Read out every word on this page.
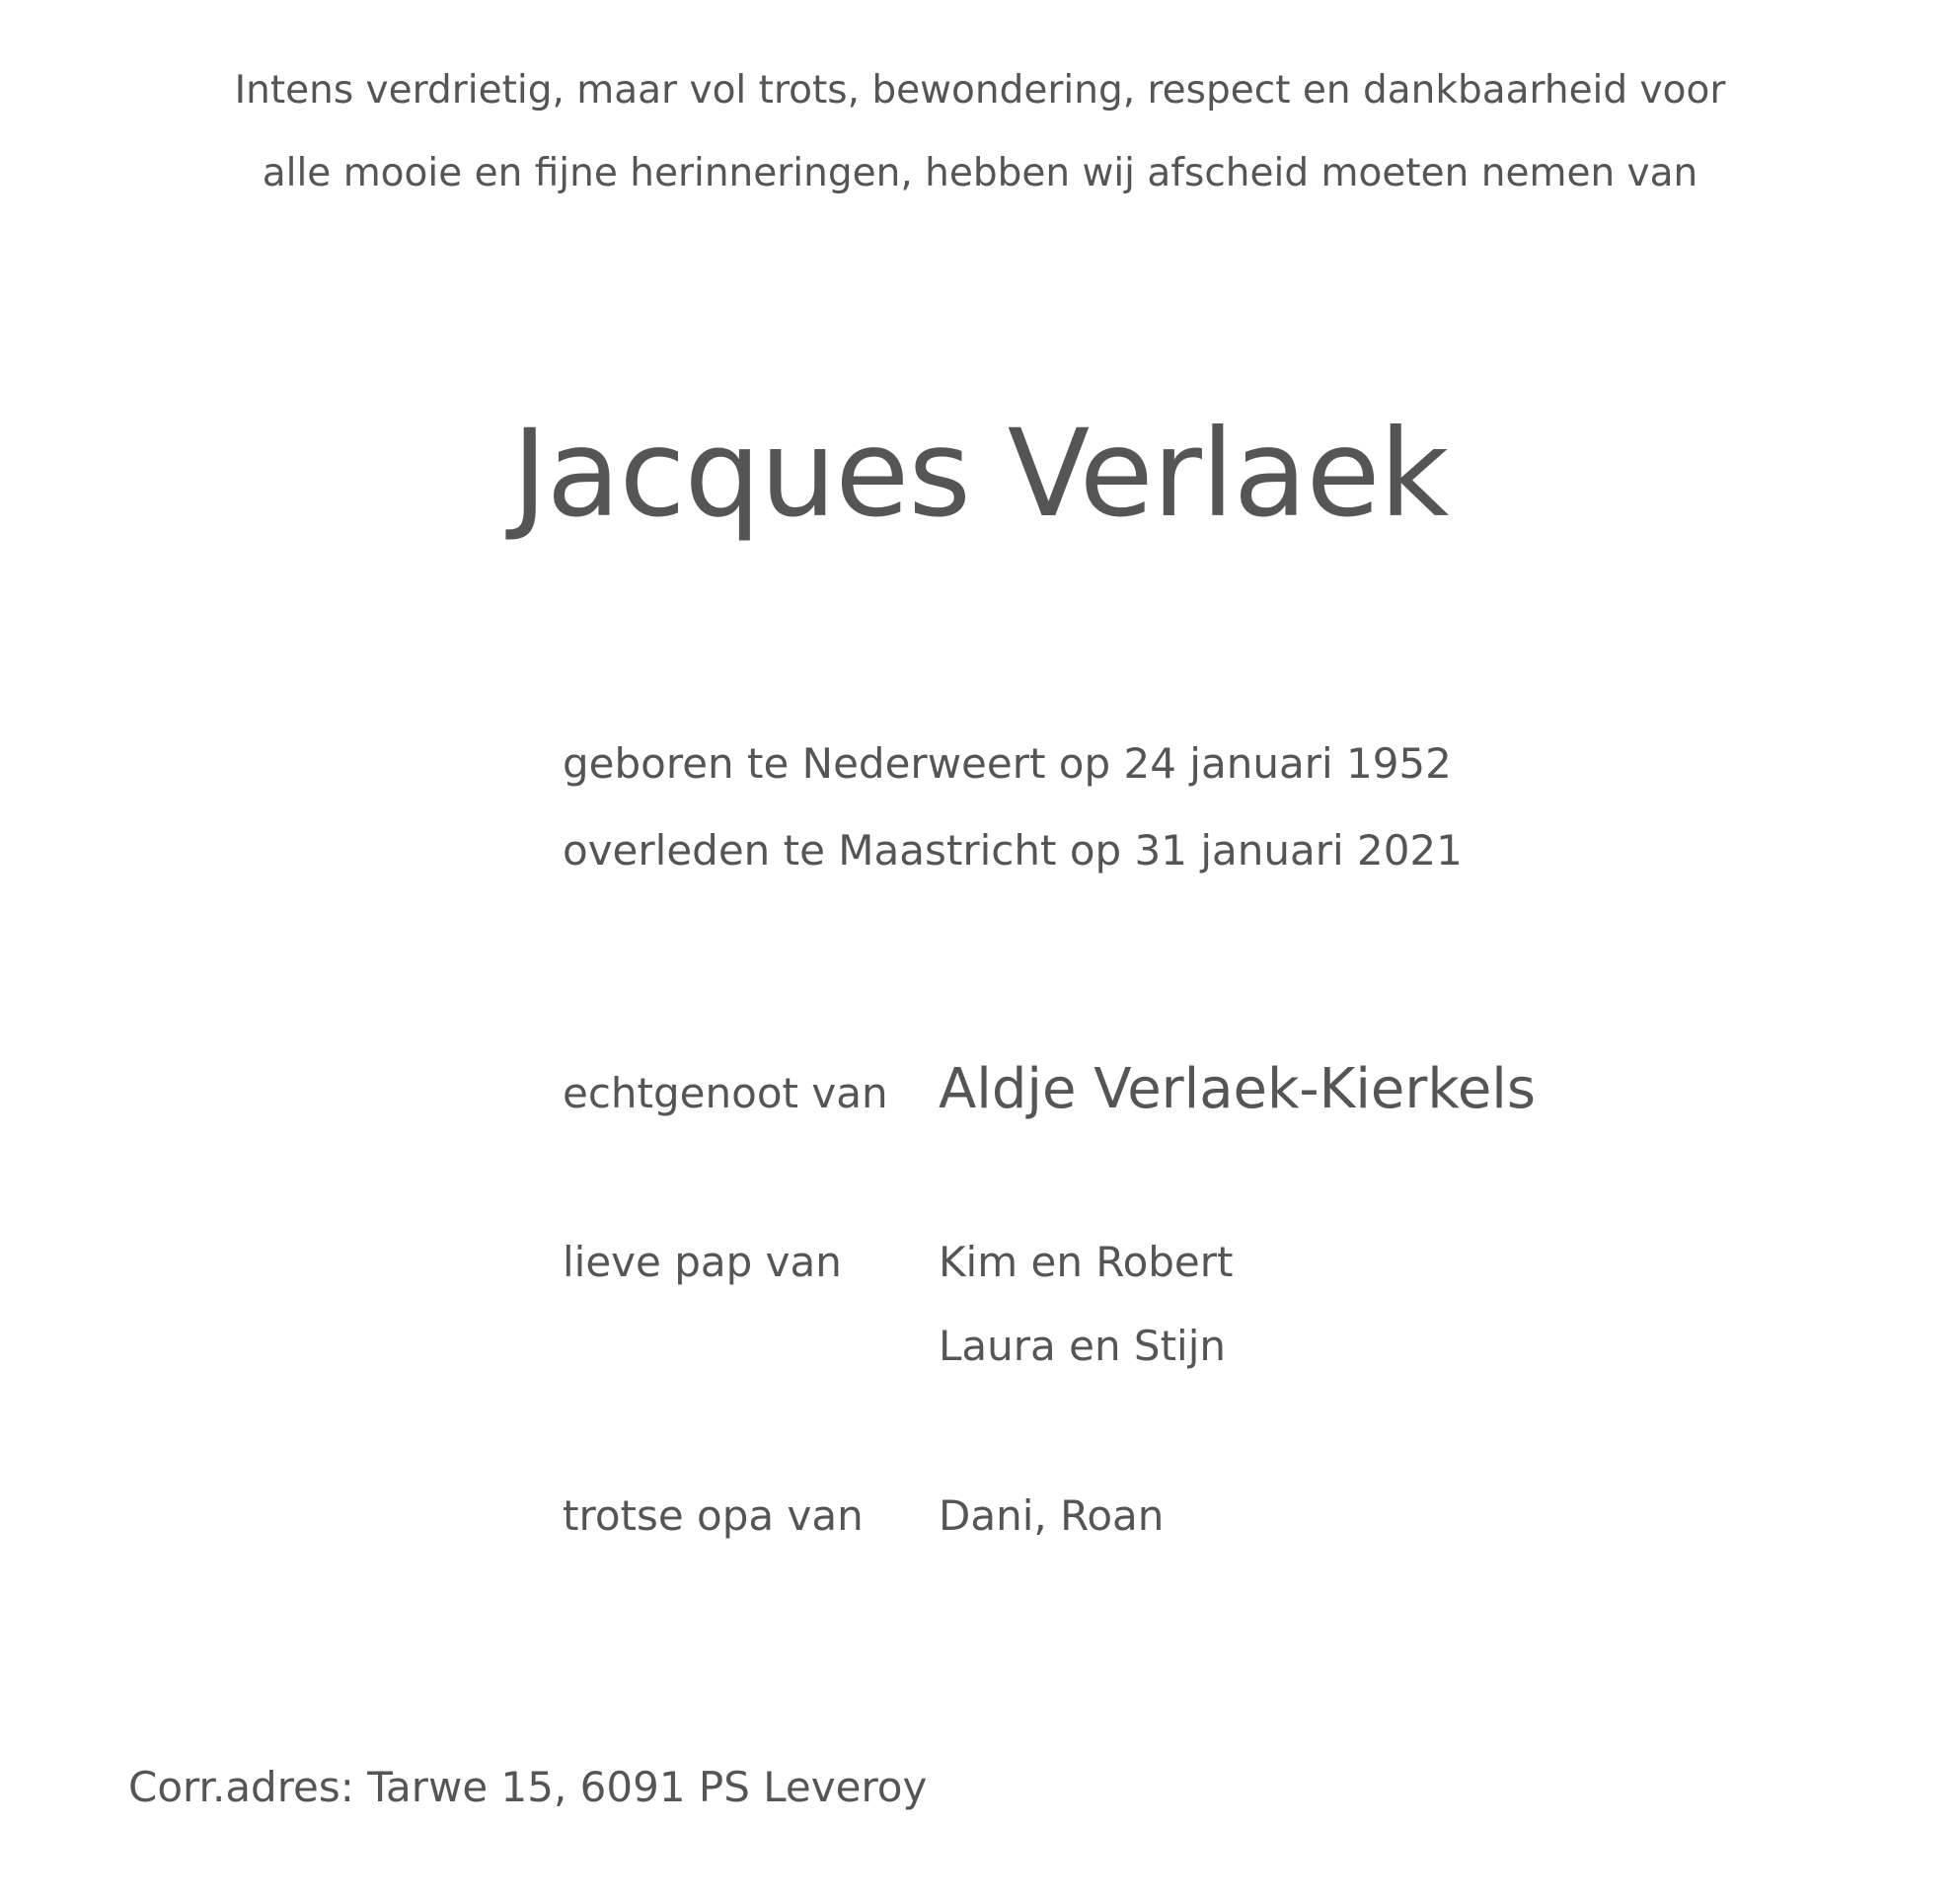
Intens verdrietig, maar vol trots, bewondering, respect en dankbaarheid voor
alle mooie en fijne herinneringen, hebben wij afscheid moeten nemen van
Jacques Verlaek
geboren te Nederweert op 24 januari 1952
overleden te Maastricht op 31 januari 2021
echtgenoot van Aldje Verlaek-Kierkels
lieve pap van Kim en Robert
Laura en Stijn
trotse opa van Dani, Roan
Corr.adres: Tarwe 15, 6091 PS Leveroy
